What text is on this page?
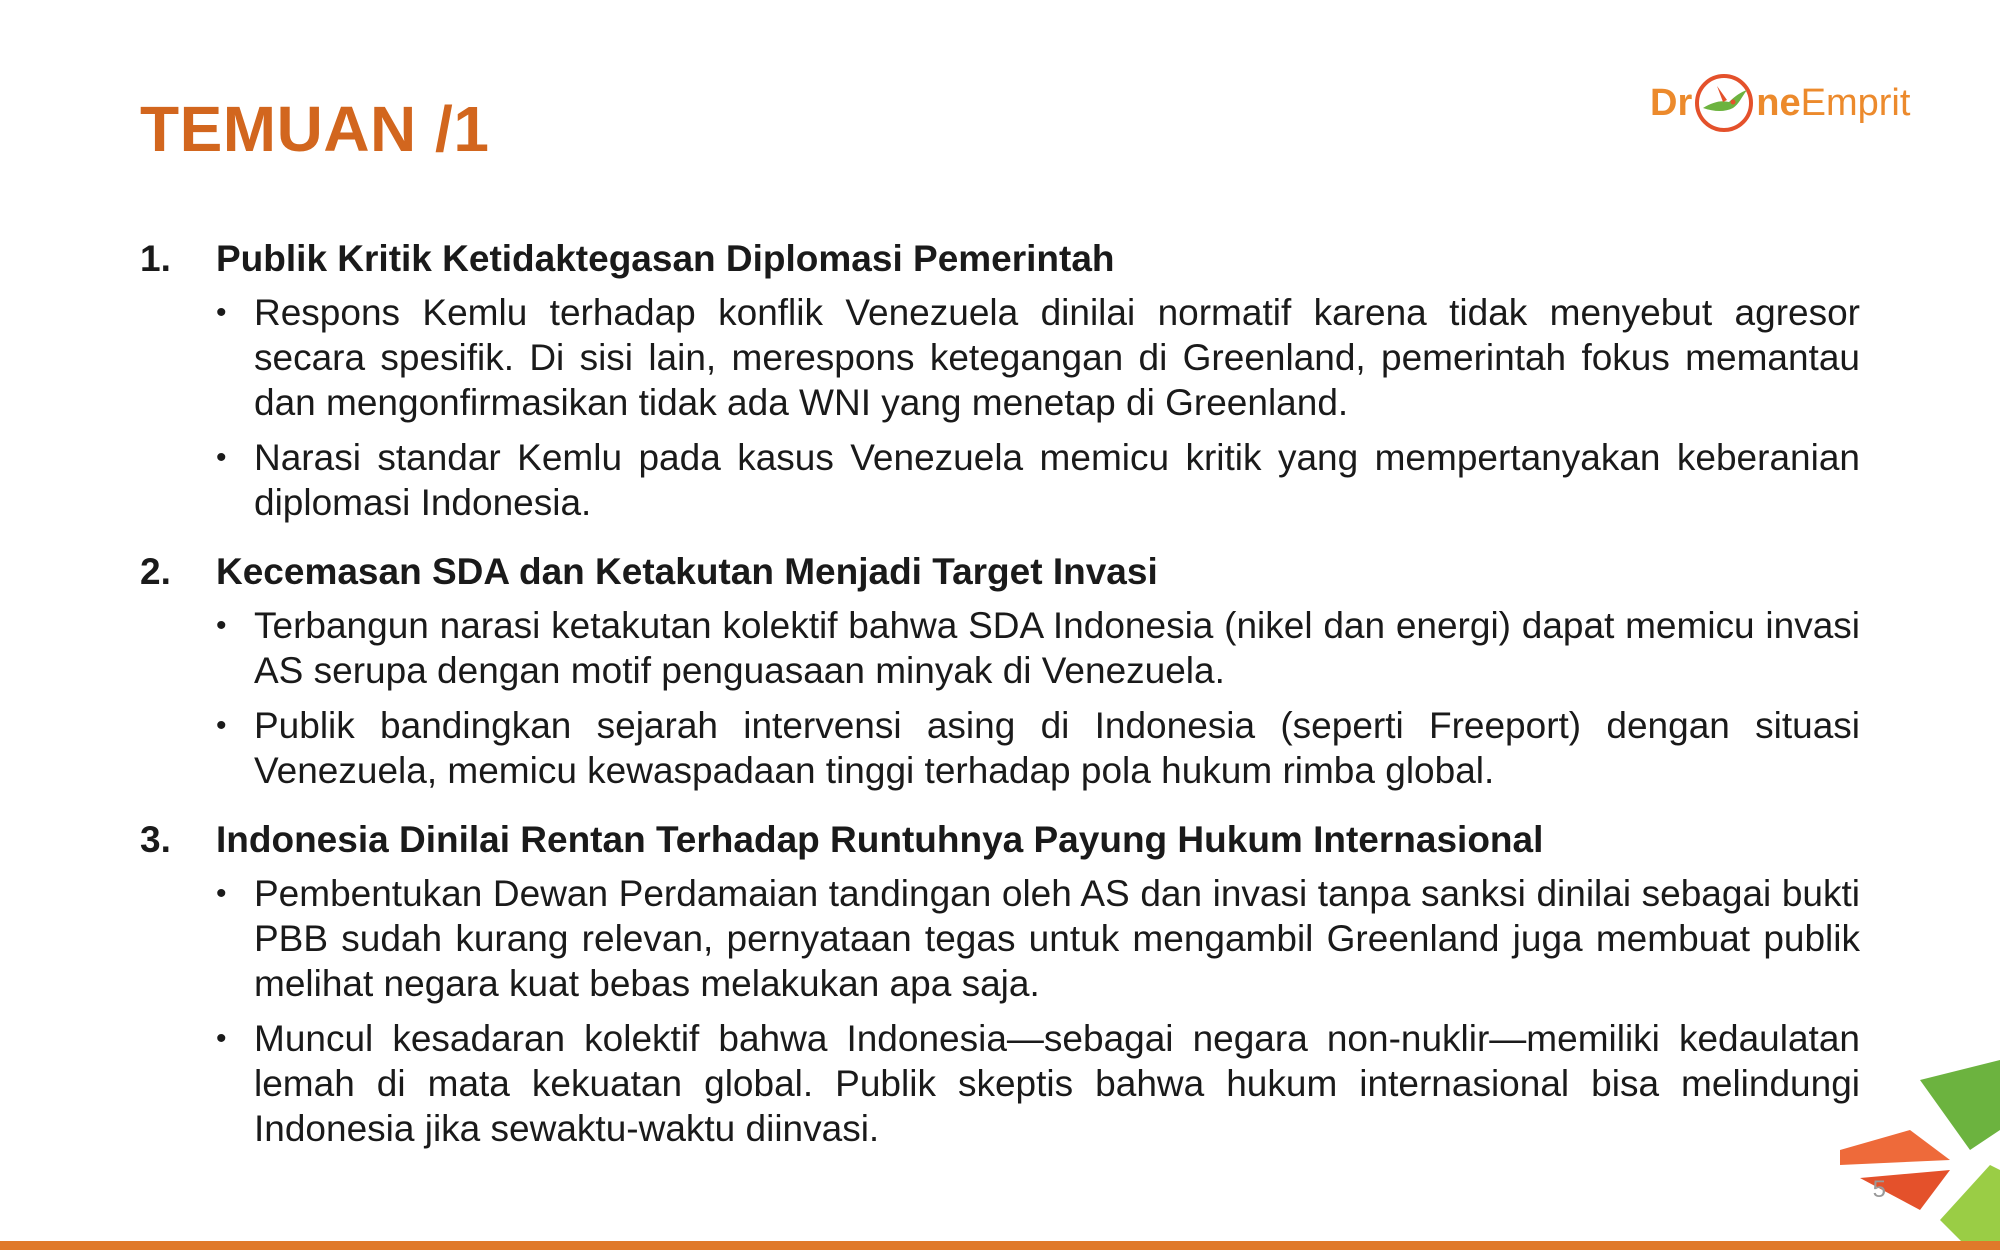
TEMUAN /1	Dr ne Emprit
1.	Publik Kritik Ketidaktegasan Diplomasi Pemerintah
• Respons Kemlu terhadap konflik Venezuela dinilai normatif karena tidak menyebut agresor secara spesifik. Di sisi lain, merespons ketegangan di Greenland, pemerintah fokus memantau dan mengonfirmasikan tidak ada WNI yang menetap di Greenland.
• Narasi standar Kemlu pada kasus Venezuela memicu kritik yang mempertanyakan keberanian diplomasi Indonesia.
2.	Kecemasan SDA dan Ketakutan Menjadi Target Invasi
• Terbangun narasi ketakutan kolektif bahwa SDA Indonesia (nikel dan energi) dapat memicu invasi AS serupa dengan motif penguasaan minyak di Venezuela.
• Publik bandingkan sejarah intervensi asing di Indonesia (seperti Freeport) dengan situasi Venezuela, memicu kewaspadaan tinggi terhadap pola hukum rimba global.
3.	Indonesia Dinilai Rentan Terhadap Runtuhnya Payung Hukum Internasional
• Pembentukan Dewan Perdamaian tandingan oleh AS dan invasi tanpa sanksi dinilai sebagai bukti PBB sudah kurang relevan, pernyataan tegas untuk mengambil Greenland juga membuat publik melihat negara kuat bebas melakukan apa saja.
• Muncul kesadaran kolektif bahwa Indonesia—sebagai negara non-nuklir—memiliki kedaulatan lemah di mata kekuatan global. Publik skeptis bahwa hukum internasional bisa melindungi Indonesia jika sewaktu-waktu diinvasi.
5
